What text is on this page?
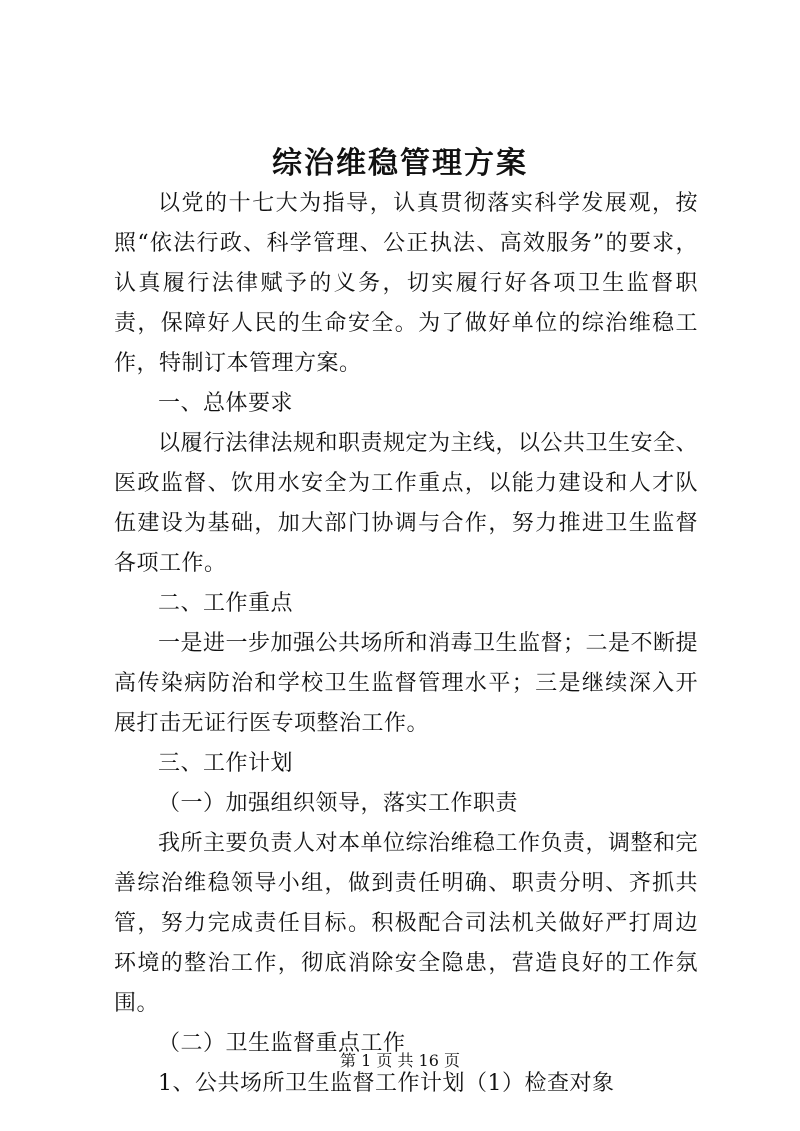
综治维稳管理方案

以党的十七大为指导，认真贯彻落实科学发展观，按照“依法行政、科学管理、公正执法、高效服务”的要求，认真履行法律赋予的义务，切实履行好各项卫生监督职责，保障好人民的生命安全。为了做好单位的综治维稳工作，特制订本管理方案。

一、总体要求

以履行法律法规和职责规定为主线，以公共卫生安全、医政监督、饮用水安全为工作重点，以能力建设和人才队伍建设为基础，加大部门协调与合作，努力推进卫生监督各项工作。

二、工作重点

一是进一步加强公共场所和消毒卫生监督；二是不断提高传染病防治和学校卫生监督管理水平；三是继续深入开展打击无证行医专项整治工作。

三、工作计划

（一）加强组织领导，落实工作职责

我所主要负责人对本单位综治维稳工作负责，调整和完善综治维稳领导小组，做到责任明确、职责分明、齐抓共管，努力完成责任目标。积极配合司法机关做好严打周边环境的整治工作，彻底消除安全隐患，营造良好的工作氛围。

（二）卫生监督重点工作

1、公共场所卫生监督工作计划（1）检查对象

第 1 页 共 16 页
